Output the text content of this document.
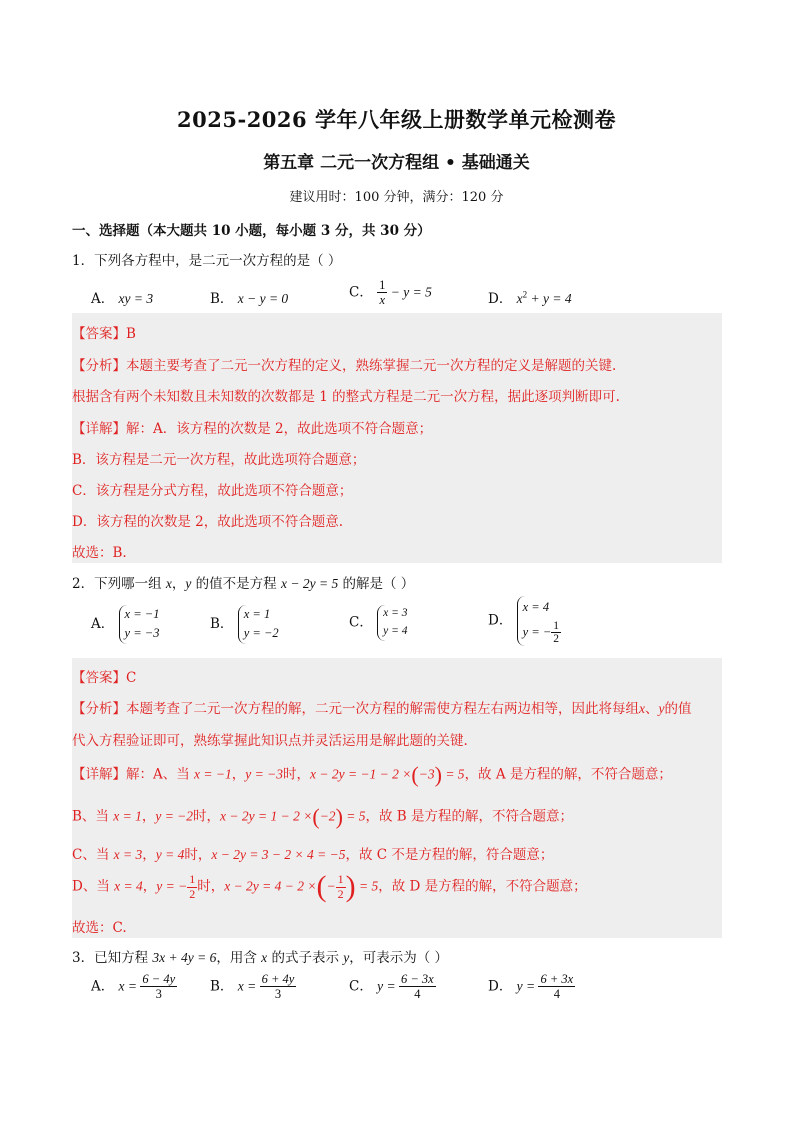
2025-2026 学年八年级上册数学单元检测卷
第五章 二元一次方程组 • 基础通关
建议用时：100 分钟，满分：120 分
一、选择题（本大题共 10 小题，每小题 3 分，共 30 分）
1．下列各方程中，是二元一次方程的是（ ）
A． xy = 3	B． x − y = 0	C． $\frac{1}{x} - y = 5$	D． $x^2 + y = 4$
【答案】B
【分析】本题主要考查了二元一次方程的定义，熟练掌握二元一次方程的定义是解题的关键.
根据含有两个未知数且未知数的次数都是 1 的整式方程是二元一次方程，据此逐项判断即可.
【详解】解：A．该方程的次数是 2，故此选项不符合题意；
B．该方程是二元一次方程，故此选项符合题意；
C．该方程是分式方程，故此选项不符合题意；
D．该方程的次数是 2，故此选项不符合题意.
故选：B.
2．下列哪一组 x，y 的值不是方程 x − 2y = 5 的解是（ ）
A． x = −1
y = −3
B． x = 1
y = −2
C． x = 3
y = 4
D． x = 4
y = − $\frac{1}{2}$
【答案】C
【分析】本题考查了二元一次方程的解，二元一次方程的解需使方程左右两边相等，因此将每组x、y的值
代入方程验证即可，熟练掌握此知识点并灵活运用是解此题的关键.
【详解】解：A、当 x = −1，y = −3时，x − 2y = −1 − 2 ×(−3) = 5，故 A 是方程的解，不符合题意；
B、当 x = 1，y = −2时，x − 2y = 1 − 2 ×(−2) = 5，故 B 是方程的解，不符合题意；
C、当 x = 3，y = 4时，x − 2y = 3 − 2 × 4 = −5，故 C 不是方程的解，符合题意；
D、当 x = 4，y = − $\frac{1}{2}$ 时，x − 2y = 4 − 2 ×(− $\frac{1}{2}$ ) = 5，故 D 是方程的解，不符合题意；
故选：C.
3．已知方程 3x + 4y = 6，用含 x 的式子表示 y，可表示为（ ）
A． $x = \frac{6 - 4y}{3}$ B． $x = \frac{6 + 4y}{3}$	C． $y = \frac{6 - 3x}{4}$	D． $y = \frac{6 + 3x}{4}$
